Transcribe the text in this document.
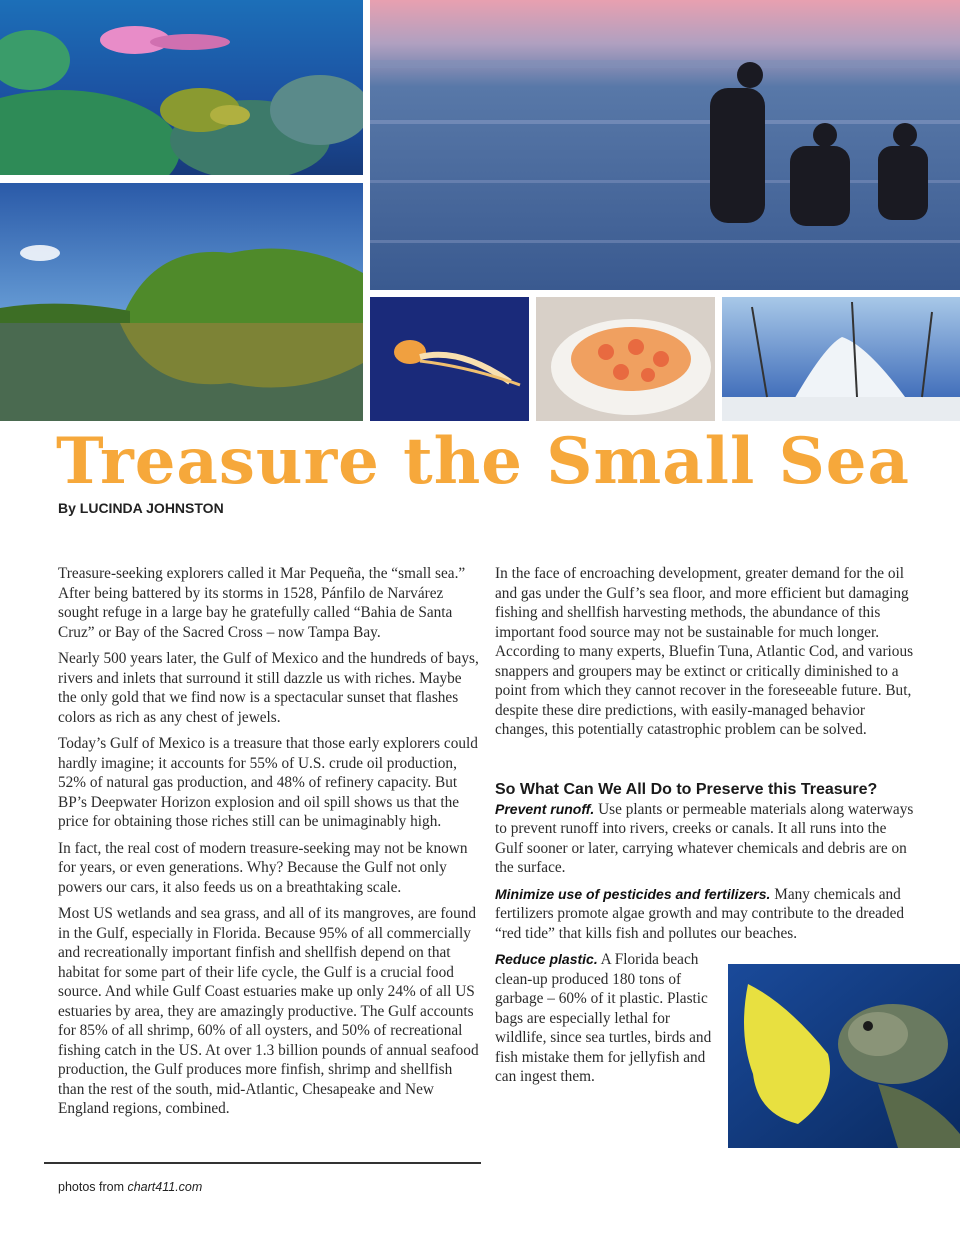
Treasure the Small Sea
By LUCINDA JOHNSTON

Treasure-seeking explorers called it Mar Pequeña, the “small sea.” After being battered by its storms in 1528, Pánfilo de Narvárez sought refuge in a large bay he gratefully called “Bahia de Santa Cruz” or Bay of the Sacred Cross – now Tampa Bay.

Nearly 500 years later, the Gulf of Mexico and the hundreds of bays, rivers and inlets that surround it still dazzle us with riches. Maybe the only gold that we find now is a spectacular sunset that flashes colors as rich as any chest of jewels.

Today’s Gulf of Mexico is a treasure that those early explorers could hardly imagine; it accounts for 55% of U.S. crude oil production, 52% of natural gas production, and 48% of refinery capacity. But BP’s Deepwater Horizon explosion and oil spill shows us that the price for obtaining those riches still can be unimaginably high.

In fact, the real cost of modern treasure-seeking may not be known for years, or even generations. Why? Because the Gulf not only powers our cars, it also feeds us on a breathtaking scale.

Most US wetlands and sea grass, and all of its mangroves, are found in the Gulf, especially in Florida. Because 95% of all commercially and recreationally important finfish and shellfish depend on that habitat for some part of their life cycle, the Gulf is a crucial food source. And while Gulf Coast estuaries make up only 24% of all US estuaries by area, they are amazingly productive. The Gulf accounts for 85% of all shrimp, 60% of all oysters, and 50% of recreational fishing catch in the US. At over 1.3 billion pounds of annual seafood production, the Gulf produces more finfish, shrimp and shellfish than the rest of the south, mid-Atlantic, Chesapeake and New England regions, combined.

In the face of encroaching development, greater demand for the oil and gas under the Gulf’s sea floor, and more efficient but damaging fishing and shellfish harvesting methods, the abundance of this important food source may not be sustainable for much longer. According to many experts, Bluefin Tuna, Atlantic Cod, and various snappers and groupers may be extinct or critically diminished to a point from which they cannot recover in the foreseeable future. But, despite these dire predictions, with easily-managed behavior changes, this potentially catastrophic problem can be solved.

So What Can We All Do to Preserve this Treasure?

Prevent runoff. Use plants or permeable materials along waterways to prevent runoff into rivers, creeks or canals. It all runs into the Gulf sooner or later, carrying whatever chemicals and debris are on the surface.

Minimize use of pesticides and fertilizers. Many chemicals and fertilizers promote algae growth and may contribute to the dreaded “red tide” that kills fish and pollutes our beaches.

Reduce plastic. A Florida beach clean-up produced 180 tons of garbage – 60% of it plastic. Plastic bags are especially lethal for wildlife, since sea turtles, birds and fish mistake them for jellyfish and can ingest them.

photos from chart411.com
